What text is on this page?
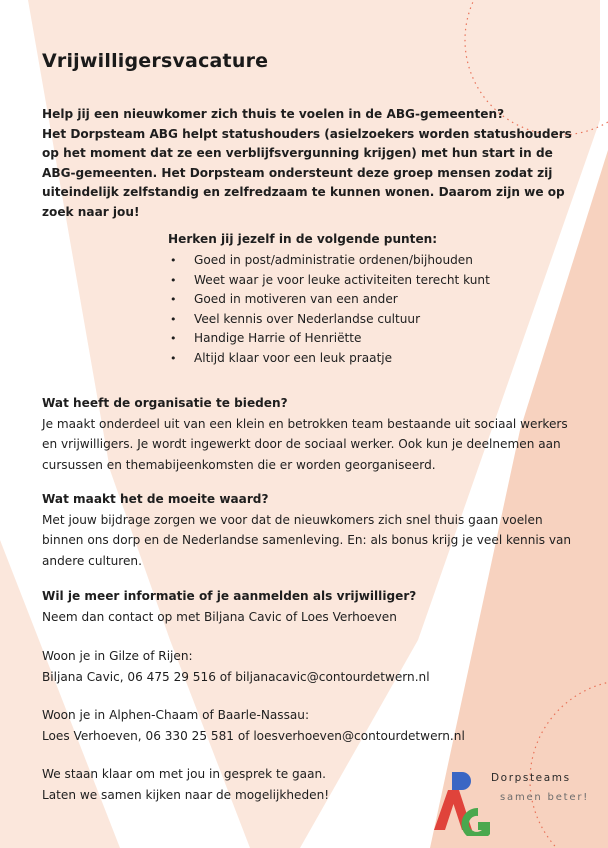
Vrijwilligersvacature
Help jij een nieuwkomer zich thuis te voelen in de ABG-gemeenten?
Het Dorpsteam ABG helpt statushouders (asielzoekers worden statushouders
op het moment dat ze een verblijfsvergunning krijgen) met hun start in de
ABG-gemeenten. Het Dorpsteam ondersteunt deze groep mensen zodat zij
uiteindelijk zelfstandig en zelfredzaam te kunnen wonen. Daarom zijn we op
zoek naar jou!
Herken jij jezelf in de volgende punten:
• Goed in post/administratie ordenen/bijhouden
• Weet waar je voor leuke activiteiten terecht kunt
• Goed in motiveren van een ander
• Veel kennis over Nederlandse cultuur
• Handige Harrie of Henriëtte
• Altijd klaar voor een leuk praatje
Wat heeft de organisatie te bieden?
Je maakt onderdeel uit van een klein en betrokken team bestaande uit sociaal werkers
en vrijwilligers. Je wordt ingewerkt door de sociaal werker. Ook kun je deelnemen aan
cursussen en themabijeenkomsten die er worden georganiseerd.
Wat maakt het de moeite waard?
Met jouw bijdrage zorgen we voor dat de nieuwkomers zich snel thuis gaan voelen
binnen ons dorp en de Nederlandse samenleving. En: als bonus krijg je veel kennis van
andere culturen.
Wil je meer informatie of je aanmelden als vrijwilliger?
Neem dan contact op met Biljana Cavic of Loes Verhoeven
Woon je in Gilze of Rijen:
Biljana Cavic, 06 475 29 516 of biljanacavic@contourdetwern.nl
Woon je in Alphen-Chaam of Baarle-Nassau:
Loes Verhoeven, 06 330 25 581 of loesverhoeven@contourdetwern.nl
We staan klaar om met jou in gesprek te gaan.
Laten we samen kijken naar de mogelijkheden!
Dorpsteams
samen beter!
